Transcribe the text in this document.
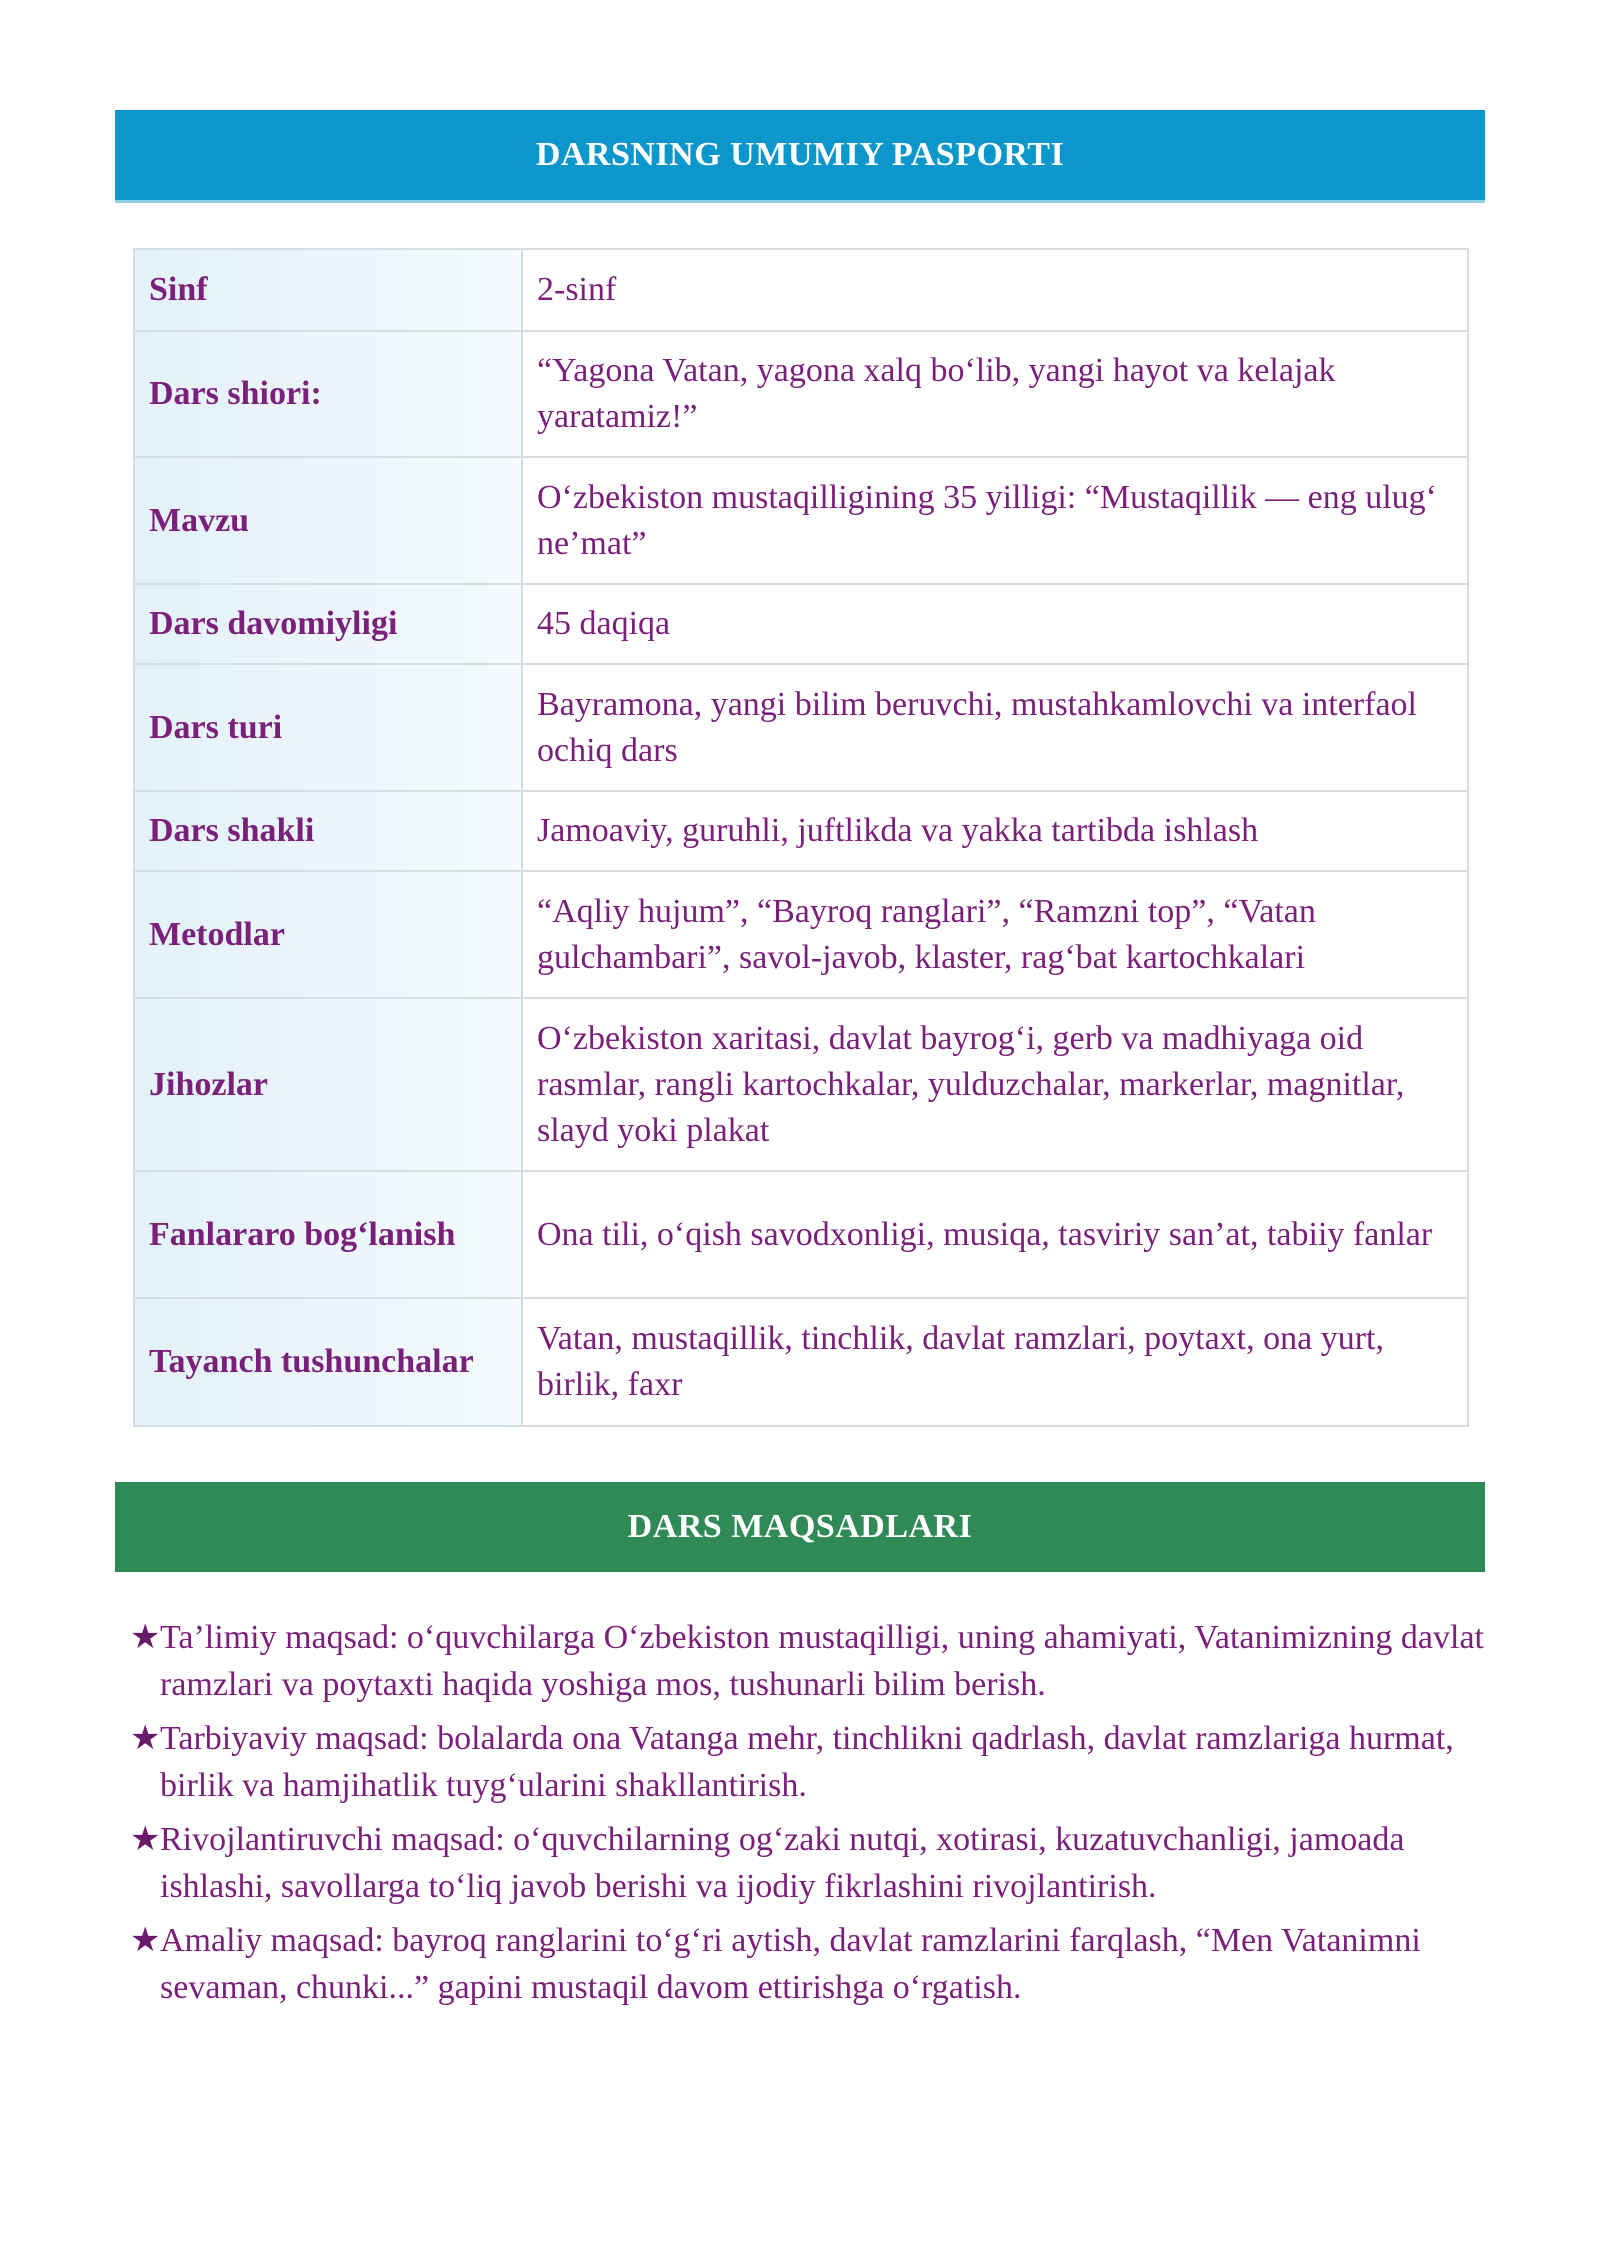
DARSNING UMUMIY PASPORTI
Sinf	2-sinf
Dars shiori:	“Yagona Vatan, yagona xalq bo‘lib, yangi hayot va kelajak yaratamiz!”
Mavzu	O‘zbekiston mustaqilligining 35 yilligi: “Mustaqillik — eng ulug‘ ne’mat”
Dars davomiyligi	45 daqiqa
Dars turi	Bayramona, yangi bilim beruvchi, mustahkamlovchi va interfaol ochiq dars
Dars shakli	Jamoaviy, guruhli, juftlikda va yakka tartibda ishlash
Metodlar	“Aqliy hujum”, “Bayroq ranglari”, “Ramzni top”, “Vatan gulchambari”, savol-javob, klaster, rag‘bat kartochkalari
Jihozlar	O‘zbekiston xaritasi, davlat bayrog‘i, gerb va madhiyaga oid rasmlar, rangli kartochkalar, yulduzchalar, markerlar, magnitlar, slayd yoki plakat
Fanlararo bog‘lanish	Ona tili, o‘qish savodxonligi, musiqa, tasviriy san’at, tabiiy fanlar
Tayanch tushunchalar	Vatan, mustaqillik, tinchlik, davlat ramzlari, poytaxt, ona yurt, birlik, faxr
DARS MAQSADLARI
★Ta’limiy maqsad: o‘quvchilarga O‘zbekiston mustaqilligi, uning ahamiyati, Vatanimizning davlat ramzlari va poytaxti haqida yoshiga mos, tushunarli bilim berish.
★Tarbiyaviy maqsad: bolalarda ona Vatanga mehr, tinchlikni qadrlash, davlat ramzlariga hurmat, birlik va hamjihatlik tuyg‘ularini shakllantirish.
★Rivojlantiruvchi maqsad: o‘quvchilarning og‘zaki nutqi, xotirasi, kuzatuvchanligi, jamoada ishlashi, savollarga to‘liq javob berishi va ijodiy fikrlashini rivojlantirish.
★Amaliy maqsad: bayroq ranglarini to‘g‘ri aytish, davlat ramzlarini farqlash, “Men Vatanimni sevaman, chunki...” gapini mustaqil davom ettirishga o‘rgatish.
